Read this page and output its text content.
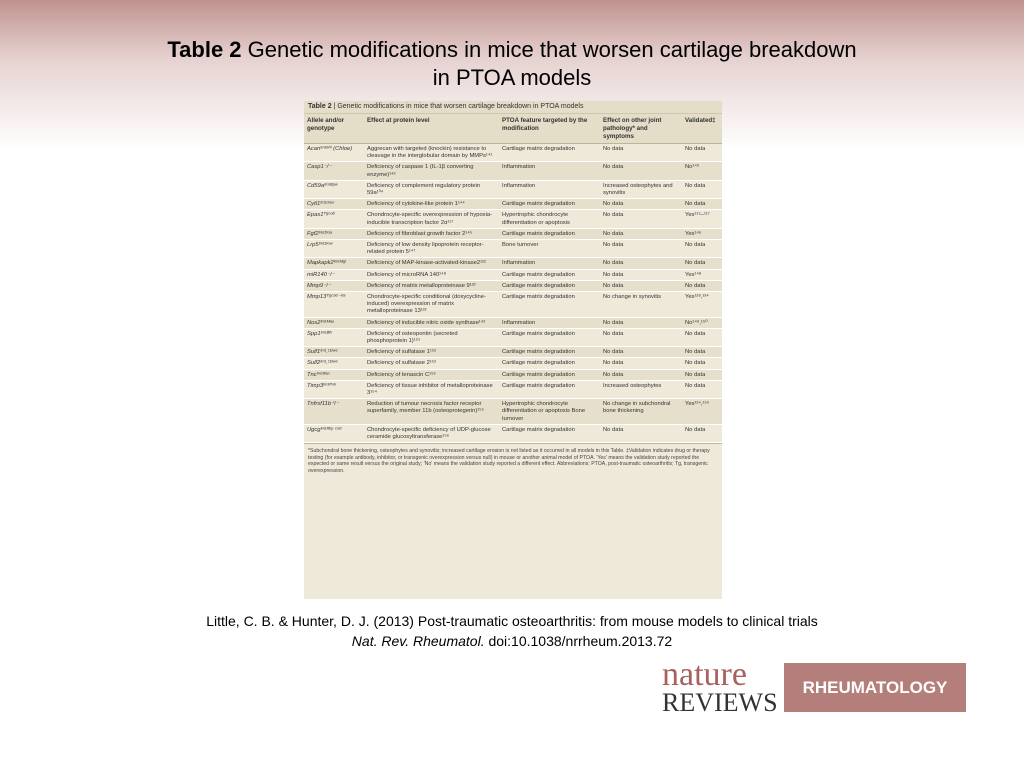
Table 2 Genetic modifications in mice that worsen cartilage breakdown
in PTOA models
Table 2 | Genetic modifications in mice that worsen cartilage breakdown in PTOA models
Allele and/or genotype	Effect at protein level	PTOA feature targeted by the modification	Effect on other joint pathology* and symptoms	Validated‡
Acanᵗᵐ¹ᴹⁱᵗ (Chloe)	Aggrecan with targeted (knockin) resistance to cleavage in the interglobular domain by MMPs¹⁴¹	Cartilage matrix degradation	No data	No data
Casp1⁻/⁻	Deficiency of caspase 1 (IL-1β converting enzyme)¹⁴²	Inflammation	No data	No¹⁴³
Cd59aᵗᵐ¹ᴮᵖʷ	Deficiency of complement regulatory protein 59a¹⁰⁴	Inflammation	Increased osteophytes and synovitis	No data
Cytl1ᵗᵐ¹ᶜʰᵘⁿ	Deficiency of cytokine-like protein 1¹⁴⁴	Cartilage matrix degradation	No data	No data
Epas1ᵀᵍᶜᵒˡ²	Chondrocyte-specific overexpression of hypoxia-inducible transcription factor 2α¹¹⁷	Hypertrophic chondrocyte differentiation or apoptosis	No data	Yes¹¹⁵–¹¹⁷
Fgf2ᵗᵐ¹ᴰᵒᵃ	Deficiency of fibroblast growth factor 2¹⁴⁵	Cartilage matrix degradation	No data	Yes¹⁴⁶
Lrp5ᵗᵐ¹ᴰᵒʷ	Deficiency of low density lipoprotein receptor-related protein 5¹⁴⁷	Bone turnover	No data	No data
Mapkapk2ᵗᵐ¹ᴹᵍˡ	Deficiency of MAP-kinase-activated-kinase2¹²²	Inflammation	No data	No data
miR140⁻/⁻	Deficiency of microRNA 140¹⁴⁸	Cartilage matrix degradation	No data	Yes¹⁴⁸
Mmp9⁻/⁻	Deficiency of matrix metalloproteinase 9¹²²	Cartilage matrix degradation	No data	No data
Mmp13ᵀᵍᶜᵒˡ²⁻ʳᵗᵃ	Chondrocyte-specific conditional (doxycycline-induced) overexpression of matrix metalloproteinase 13¹²²	Cartilage matrix degradation	No change in synovitis	Yes¹²⁸,¹³⁴
Nos2ᵗᵐ¹ᴹᵃᵘ	Deficiency of inducible nitric oxide synthase¹⁴²	Inflammation	No data	No¹⁴⁹,¹⁵⁰
Spp1ᵗᵐ¹ᴮˡʰ	Deficiency of osteopontin (secreted phosphoprotein 1)¹⁵¹	Cartilage matrix degradation	No data	No data
Sulf1ᵗᵐ¹.¹ᴰʷᵉ	Deficiency of sulfatase 1¹⁵²	Cartilage matrix degradation	No data	No data
Sulf2ᵗᵐ¹.¹ᴰʷᵉ	Deficiency of sulfatase 2¹⁵²	Cartilage matrix degradation	No data	No data
Tncᵗᵐ¹ᴿᵃⁿ	Deficiency of tenascin C¹⁵³	Cartilage matrix degradation	No data	No data
Timp3ᵗᵐ¹ᴾᵒʰ	Deficiency of tissue inhibitor of metalloproteinase 3¹⁵⁴	Cartilage matrix degradation	Increased osteophytes	No data
Tnfrsf11b⁺/⁻	Reduction of tumour necrosis factor receptor superfamily, member 11b (osteoprotegerin)¹⁵⁵	Hypertrophic chondrocyte differentiation or apoptosis Bone turnover	No change in subchondral bone thickening	Yes¹²⁴,¹⁵⁵
Ugcgᵗᵐ¹ᴿᵇᵖ ᶜᵒˡ²	Chondrocyte-specific deficiency of UDP-glucose ceramide glucosyltransferase¹⁵⁶	Cartilage matrix degradation	No data	No data
*Subchondral bone thickening, osteophytes and synovitis; increased cartilage erosion is not listed as it occurred in all models in this Table. ‡Validation indicates drug or therapy testing (for example antibody, inhibitor, or transgenic overexpression versus null) in mouse or another animal model of PTOA. 'Yes' means the validation study reported the expected or same result versus the original study; 'No' means the validation study reported a different effect. Abbreviations: PTOA, post-traumatic osteoarthritis; Tg, transgenic overexpression.
Little, C. B. & Hunter, D. J. (2013) Post-traumatic osteoarthritis: from mouse models to clinical trials
Nat. Rev. Rheumatol. doi:10.1038/nrrheum.2013.72
nature
REVIEWS
RHEUMATOLOGY
